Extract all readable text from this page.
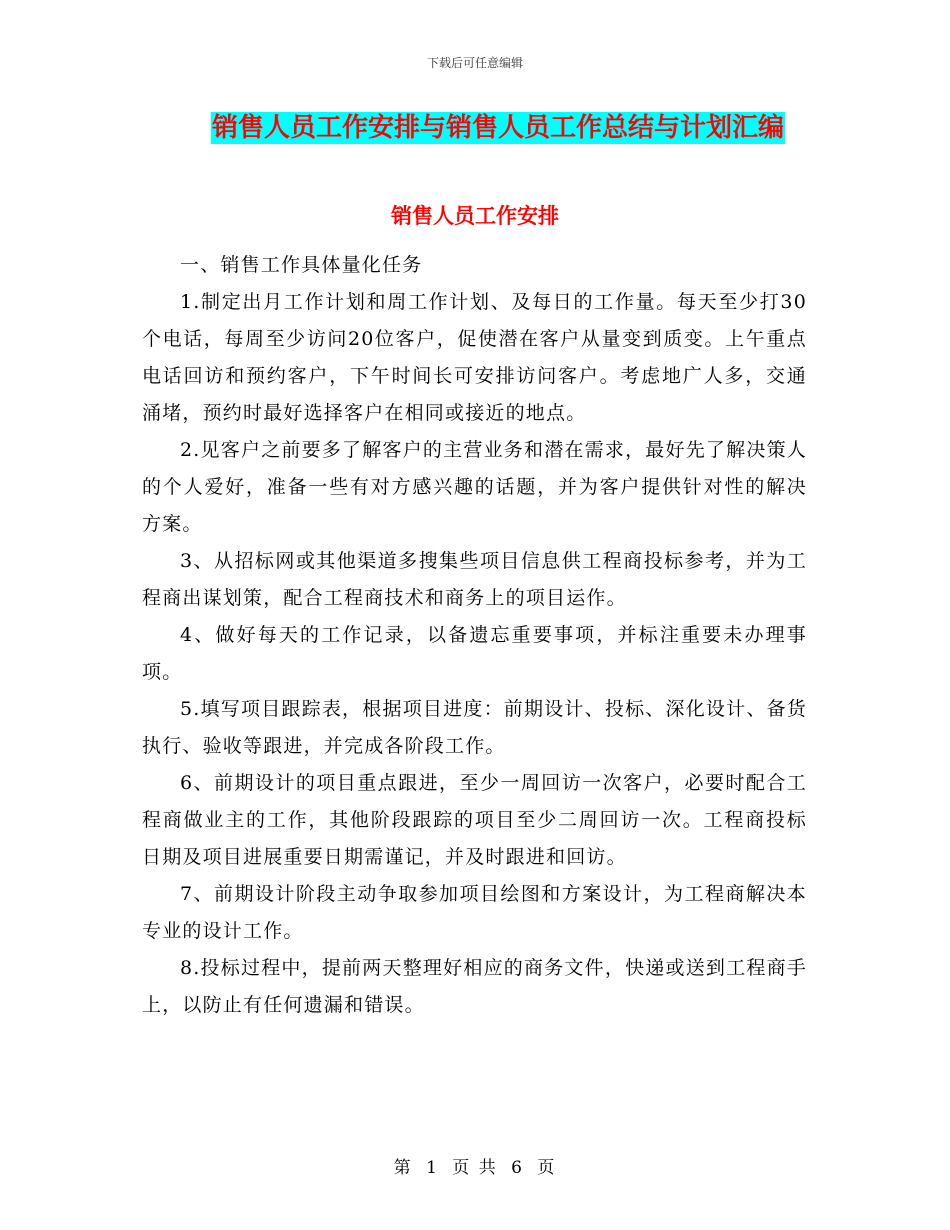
下载后可任意编辑
销售人员工作安排与销售人员工作总结与计划汇编
销售人员工作安排

一、销售工作具体量化任务

1.制定出月工作计划和周工作计划、及每日的工作量。每天至少打30个电话，每周至少访问20位客户，促使潜在客户从量变到质变。上午重点电话回访和预约客户，下午时间长可安排访问客户。考虑地广人多，交通涌堵，预约时最好选择客户在相同或接近的地点。

2.见客户之前要多了解客户的主营业务和潜在需求，最好先了解决策人的个人爱好，准备一些有对方感兴趣的话题，并为客户提供针对性的解决方案。

3、从招标网或其他渠道多搜集些项目信息供工程商投标参考，并为工程商出谋划策，配合工程商技术和商务上的项目运作。

4、做好每天的工作记录，以备遗忘重要事项，并标注重要未办理事项。

5.填写项目跟踪表，根据项目进度：前期设计、投标、深化设计、备货执行、验收等跟进，并完成各阶段工作。

6、前期设计的项目重点跟进，至少一周回访一次客户，必要时配合工程商做业主的工作，其他阶段跟踪的项目至少二周回访一次。工程商投标日期及项目进展重要日期需谨记，并及时跟进和回访。

7、前期设计阶段主动争取参加项目绘图和方案设计，为工程商解决本专业的设计工作。

8.投标过程中，提前两天整理好相应的商务文件，快递或送到工程商手上，以防止有任何遗漏和错误。

第 1 页 共 6 页
